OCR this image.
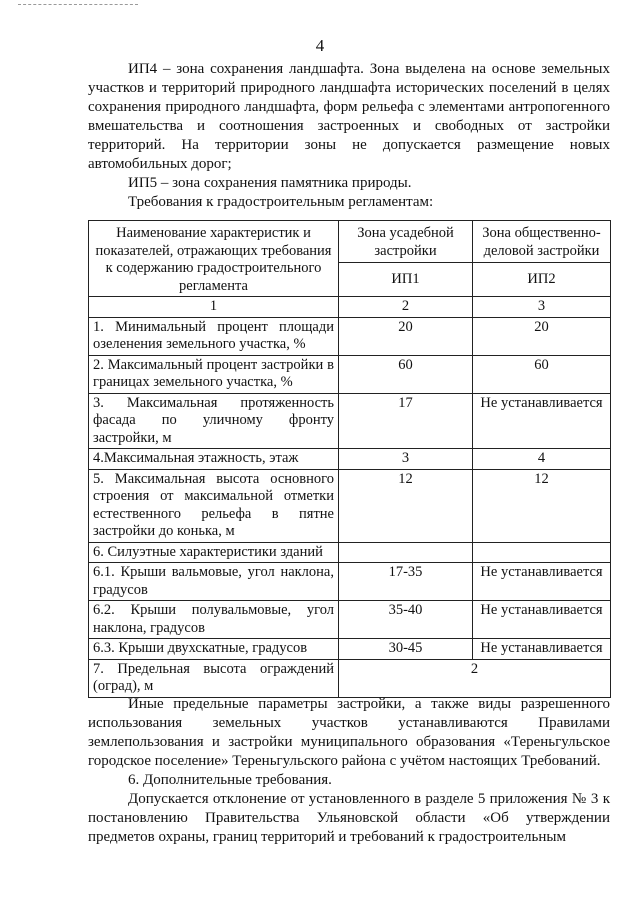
4

ИП4 – зона сохранения ландшафта. Зона выделена на основе земельных участков и территорий природного ландшафта исторических поселений в целях сохранения природного ландшафта, форм рельефа с элементами антропогенного вмешательства и соотношения застроенных и свободных от застройки территорий. На территории зоны не допускается размещение новых автомобильных дорог;

ИП5 – зона сохранения памятника природы.

Требования к градостроительным регламентам:

Наименование характеристик и показателей, отражающих требования к содержанию градостроительного регламента	Зона усадебной застройки	Зона общественно-деловой застройки
	ИП1	ИП2
1	2	3
1. Минимальный процент площади озеленения земельного участка, %	20	20
2. Максимальный процент застройки в границах земельного участка, %	60	60
3. Максимальная протяженность фасада по уличному фронту застройки, м	17	Не устанавливается
4.Максимальная этажность, этаж	3	4
5. Максимальная высота основного строения от максимальной отметки естественного рельефа в пятне застройки до конька, м	12	12
6. Силуэтные характеристики зданий		
6.1. Крыши вальмовые, угол наклона, градусов	17-35	Не устанавливается
6.2. Крыши полувальмовые, угол наклона, градусов	35-40	Не устанавливается
6.3. Крыши двухскатные, градусов	30-45	Не устанавливается
7. Предельная высота ограждений (оград), м	2	

Иные предельные параметры застройки, а также виды разрешенного использования земельных участков устанавливаются Правилами землепользования и застройки муниципального образования «Тереньгульское городское поселение» Тереньгульского района с учётом настоящих Требований.

6. Дополнительные требования.

Допускается отклонение от установленного в разделе 5 приложения № 3 к постановлению Правительства Ульяновской области «Об утверждении предметов охраны, границ территорий и требований к градостроительным
